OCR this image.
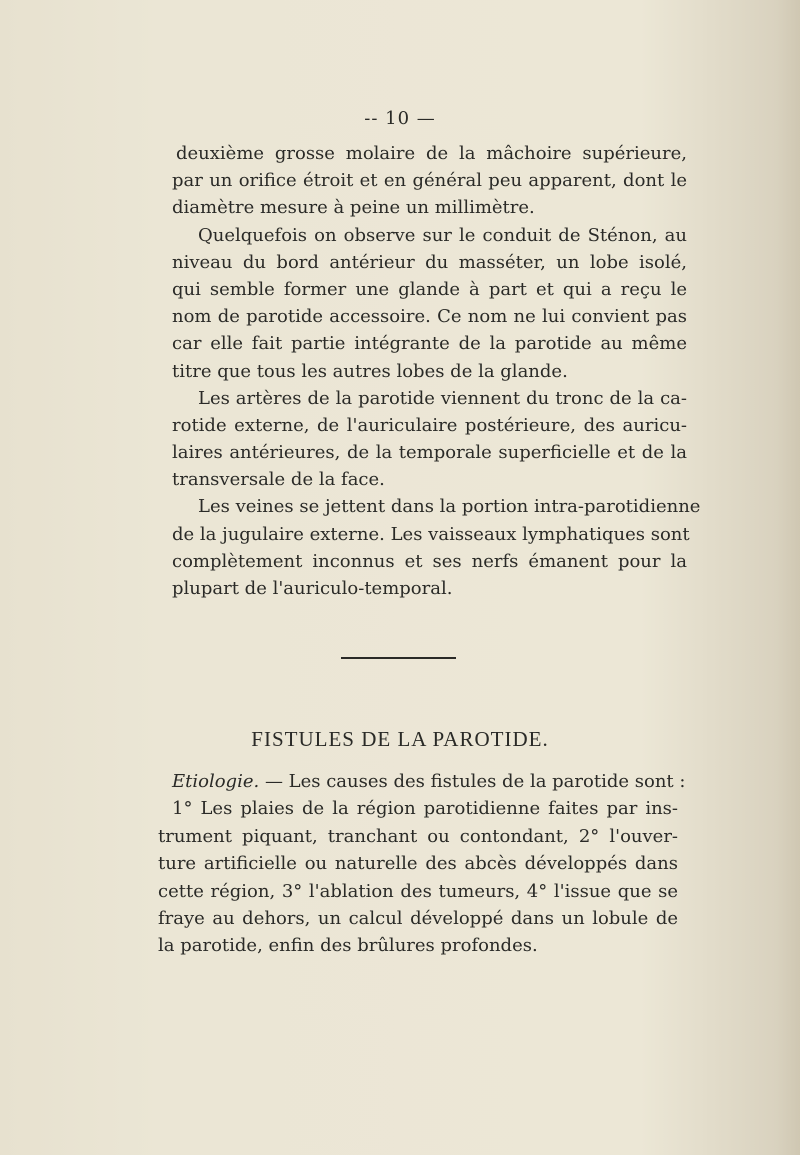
-- 10 —
deuxième grosse molaire de la mâchoire supérieure,
par un orifice étroit et en général peu apparent, dont le
diamètre mesure à peine un millimètre.
Quelquefois on observe sur le conduit de Sténon, au
niveau du bord antérieur du masséter, un lobe isolé,
qui semble former une glande à part et qui a reçu le
nom de parotide accessoire. Ce nom ne lui convient pas
car elle fait partie intégrante de la parotide au même
titre que tous les autres lobes de la glande.
Les artères de la parotide viennent du tronc de la ca-
rotide externe, de l'auriculaire postérieure, des auricu-
laires antérieures, de la temporale superficielle et de la
transversale de la face.
Les veines se jettent dans la portion intra-parotidienne
de la jugulaire externe. Les vaisseaux lymphatiques sont
complètement inconnus et ses nerfs émanent pour la
plupart de l'auriculo-temporal.
FISTULES DE LA PAROTIDE.
Etiologie. — Les causes des fistules de la parotide sont :
1° Les plaies de la région parotidienne faites par ins-
trument piquant, tranchant ou contondant, 2° l'ouver-
ture artificielle ou naturelle des abcès développés dans
cette région, 3° l'ablation des tumeurs, 4° l'issue que se
fraye au dehors, un calcul développé dans un lobule de
la parotide, enfin des brûlures profondes.
